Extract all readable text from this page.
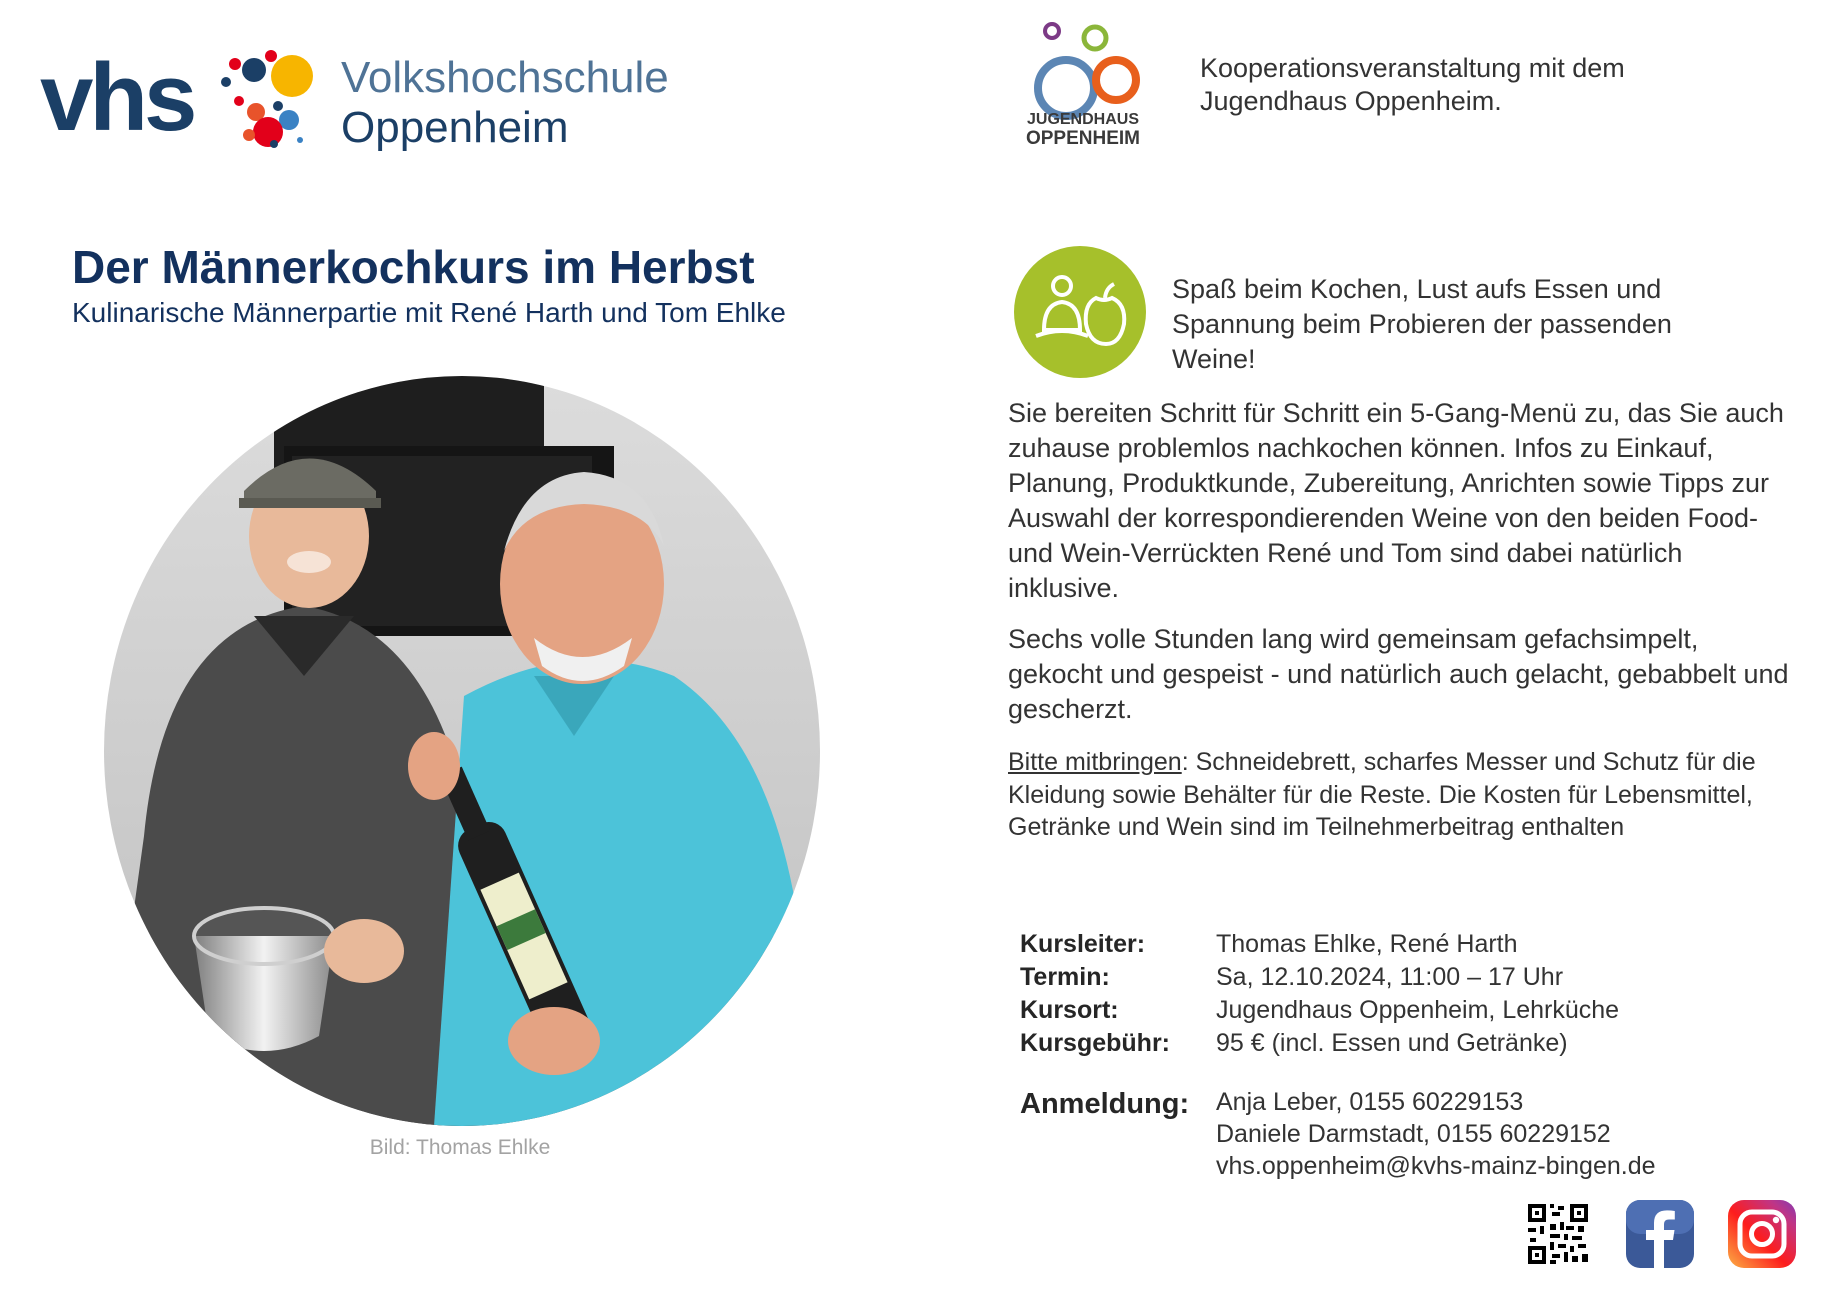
vhs	Volkshochschule
Oppenheim	JUGENDHAUS
OPPENHEIM
Kooperationsveranstaltung mit dem
Jugendhaus Oppenheim.
Der Männerkochkurs im Herbst
Kulinarische Männerpartie mit René Harth und Tom Ehlke
Bild: Thomas Ehlke
Spaß beim Kochen, Lust aufs Essen und Spannung beim Probieren der passenden Weine!
Sie bereiten Schritt für Schritt ein 5-Gang-Menü zu, das Sie auch zuhause problemlos nachkochen können. Infos zu Einkauf, Planung, Produktkunde, Zubereitung, Anrichten sowie Tipps zur Auswahl der korrespondierenden Weine von den beiden Food- und Wein-Verrückten René und Tom sind dabei natürlich inklusive.
Sechs volle Stunden lang wird gemeinsam gefachsimpelt, gekocht und gespeist - und natürlich auch gelacht, gebabbelt und gescherzt.
Bitte mitbringen: Schneidebrett, scharfes Messer und Schutz für die Kleidung sowie Behälter für die Reste. Die Kosten für Lebensmittel, Getränke und Wein sind im Teilnehmerbeitrag enthalten
Kursleiter:	Thomas Ehlke, René Harth
Termin:	Sa, 12.10.2024, 11:00 – 17 Uhr
Kursort:	Jugendhaus Oppenheim, Lehrküche
Kursgebühr: 95 € (incl. Essen und Getränke)
Anmeldung: Anja Leber, 0155 60229153
Daniele Darmstadt, 0155 60229152
vhs.oppenheim@kvhs-mainz-bingen.de
